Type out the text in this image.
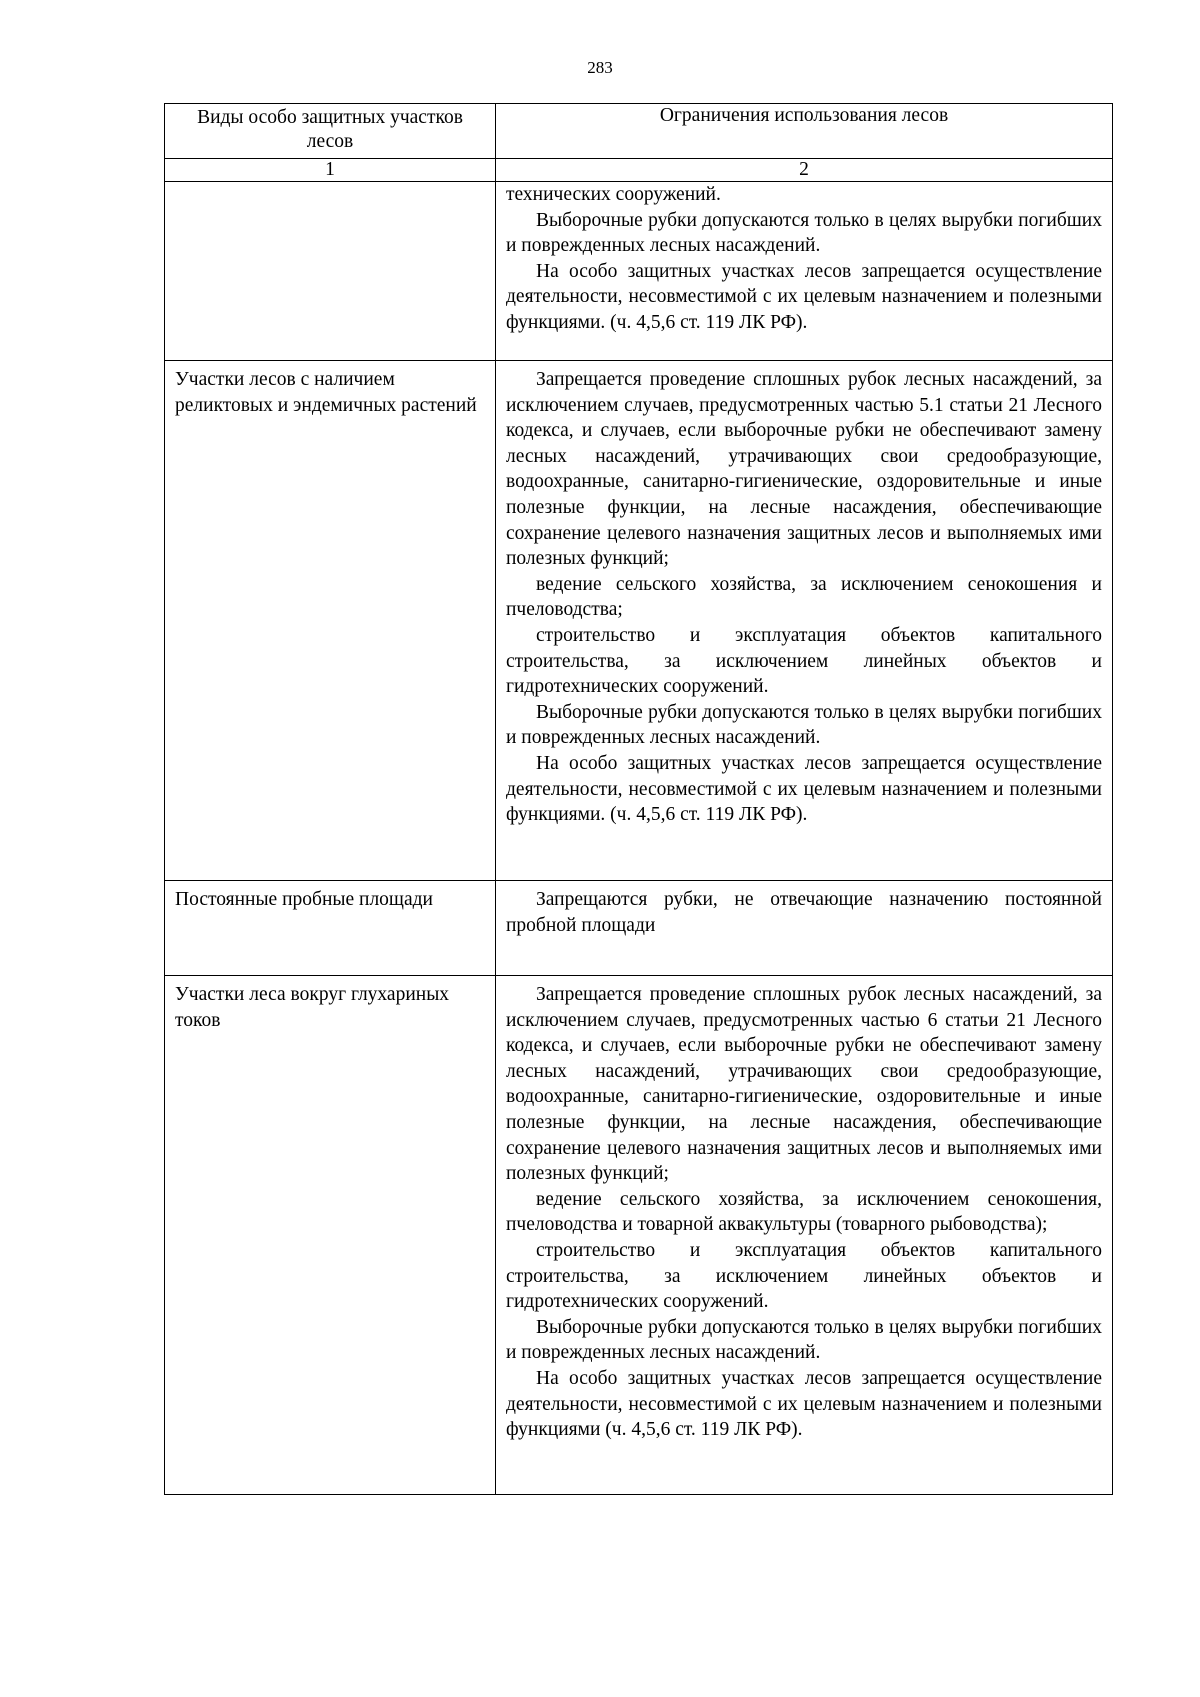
283
Виды особо защитных участков лесов	Ограничения использования лесов
1	2

	технических сооружений.

Выборочные рубки допускаются только в целях вырубки погибших и поврежденных лесных насаждений.

На особо защитных участках лесов запрещается осуществление деятельности, несовместимой с их целевым назначением и полезными функциями. (ч. 4,5,6 ст. 119 ЛК РФ).

Участки лесов с наличием реликтовых и эндемичных растений	Запрещается проведение сплошных рубок лесных насаждений, за исключением случаев, предусмотренных частью 5.1 статьи 21 Лесного кодекса, и случаев, если выборочные рубки не обеспечивают замену лесных насаждений, утрачивающих свои средообразующие, водоохранные, санитарно-гигиенические, оздоровительные и иные полезные функции, на лесные насаждения, обеспечивающие сохранение целевого назначения защитных лесов и выполняемых ими полезных функций;

ведение сельского хозяйства, за исключением сенокошения и пчеловодства;

строительство и эксплуатация объектов капитального строительства, за исключением линейных объектов и гидротехнических сооружений.

Выборочные рубки допускаются только в целях вырубки погибших и поврежденных лесных насаждений.

На особо защитных участках лесов запрещается осуществление деятельности, несовместимой с их целевым назначением и полезными функциями. (ч. 4,5,6 ст. 119 ЛК РФ).

Постоянные пробные площади	Запрещаются рубки, не отвечающие назначению постоянной пробной площади

Участки леса вокруг глухариных токов	Запрещается проведение сплошных рубок лесных насаждений, за исключением случаев, предусмотренных частью 6 статьи 21 Лесного кодекса, и случаев, если выборочные рубки не обеспечивают замену лесных насаждений, утрачивающих свои средообразующие, водоохранные, санитарно-гигиенические, оздоровительные и иные полезные функции, на лесные насаждения, обеспечивающие сохранение целевого назначения защитных лесов и выполняемых ими полезных функций;

ведение сельского хозяйства, за исключением сенокошения, пчеловодства и товарной аквакультуры (товарного рыбоводства);

строительство и эксплуатация объектов капитального строительства, за исключением линейных объектов и гидротехнических сооружений.

Выборочные рубки допускаются только в целях вырубки погибших и поврежденных лесных насаждений.

На особо защитных участках лесов запрещается осуществление деятельности, несовместимой с их целевым назначением и полезными функциями (ч. 4,5,6 ст. 119 ЛК РФ).
